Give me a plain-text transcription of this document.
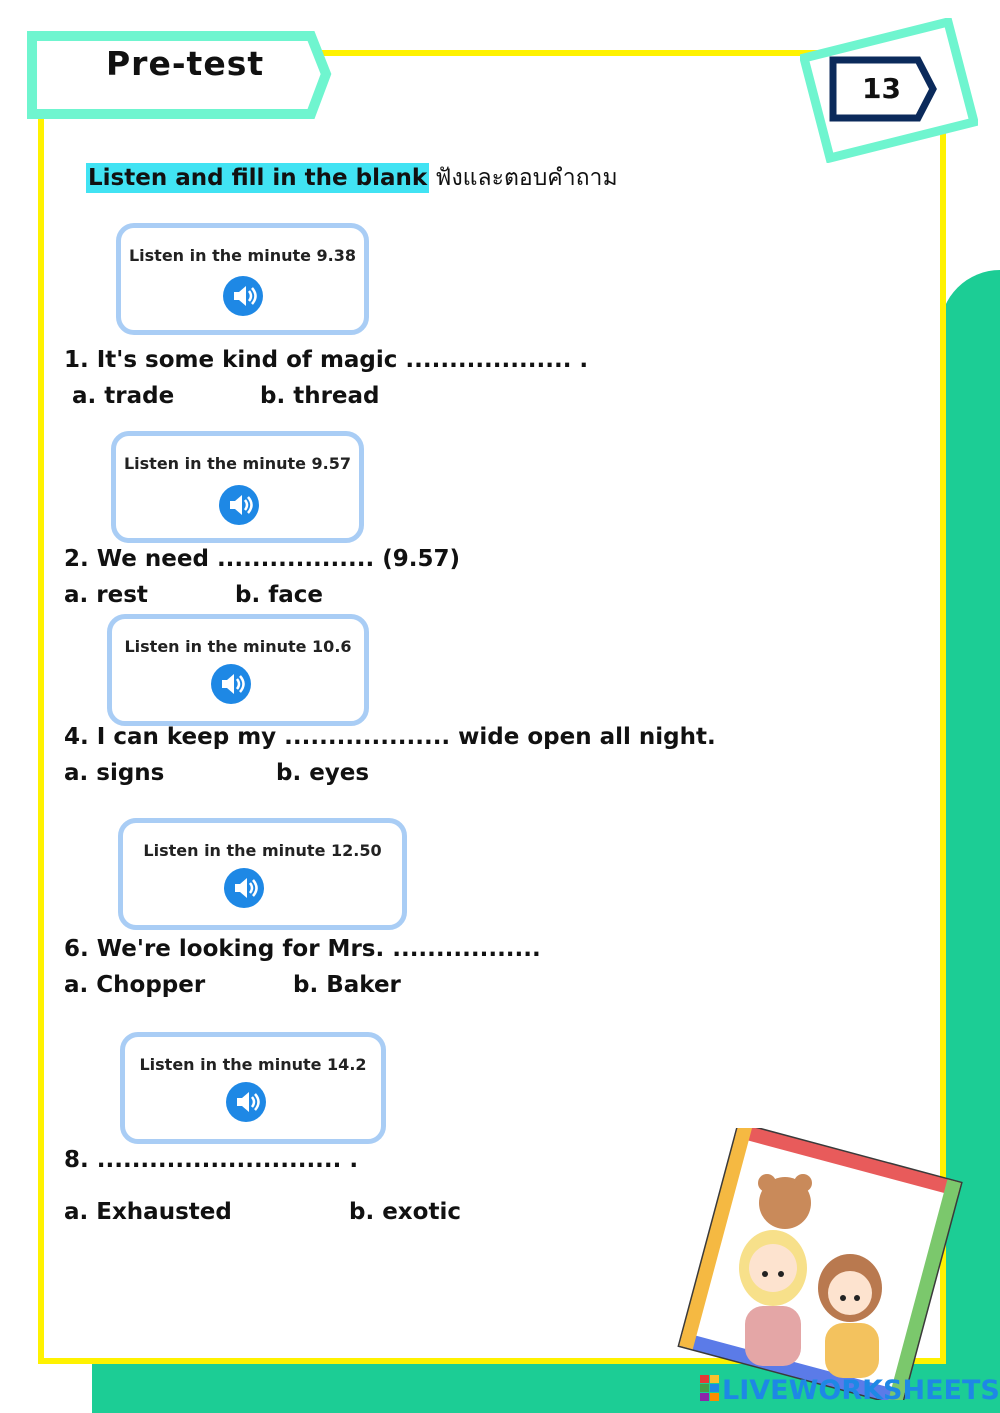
Pre-test
13
Listen and fill in the blank ฟังและตอบคำถาม
Listen in the minute 9.38
1. It's some kind of magic ................... .
a. trade	b. thread
Listen in the minute 9.57
2. We need .................. (9.57)
a. rest	b. face
Listen in the minute 10.6
4. I can keep my ................... wide open all night.
a. signs	b. eyes
Listen in the minute 12.50
6. We're looking for Mrs. .................
a. Chopper	b. Baker
Listen in the minute 14.2
8. ............................ .
a. Exhausted	b. exotic
LIVEWORKSHEETS
